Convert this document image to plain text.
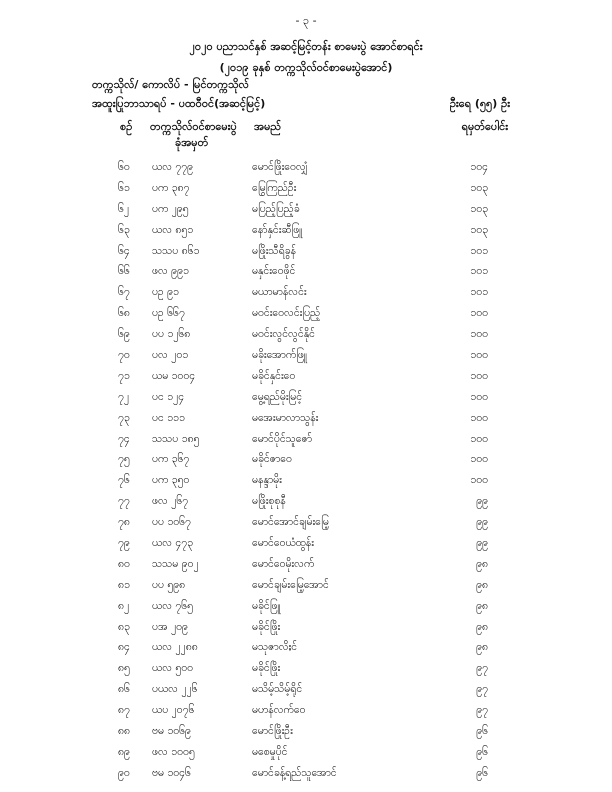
- ၃ -
၂၀၂၀ ပညာသင်နှစ် အဆင့်မြင့်တန်း စာမေးပွဲ အောင်စာရင်း
(၂၀၁၉ ခုနှစ် တက္ကသိုလ်ဝင်စာမေးပွဲအောင်)
တက္ကသိုလ်/ ကောလိပ် - မြင်တက္ကသိုလ်
အထူးပြုဘာသာရပ် - ပထဝီဝင်(အဆင့်မြင့်)	ဦးရေ (၅၅) ဦး
စဉ် တက္ကသိုလ်ဝင်စာမေးပွဲ
ခုံအမှတ်
အမည်	ရမှတ်ပေါင်း
၆၀ ယလ ၇၇၉	မောင်ဖြိုးဝေလျှံ	၁၀၄
၆၁ ပက ၃၈၇	မြွေကြည်ဦး	၁၀၃
၆၂ ပက ၂၉၅	မပြည့်ပြည့်ခံ	၁၀၃
၆၃ ယလ ၈၅၁	နော်နှင်းဆီဖြူ	၁၀၃
၆၄ သသပ ၈၆၁	မဖြိုးသီရိခွန်	၁၀၁
၆၆ ဖလ ၉၉၁	မနှင်းဝေဖိုင်	၁၀၁
၆၇ ပဥ ၉၁	မယာမာန်လင်း	၁၀၁
၆၈ ပဥ ၆၆၇	မဝင်းဝေလင်းပြည့်	၁၀၀
၆၉ ပပ ၁၂၆၈	မဝင်းလွင်လွင်နိုင်	၁၀၀
၇၀ ပလ ၂၀၁	မခိုးအောက်ဖြူ	၁၀၀
၇၁ ယမ ၁၀၀၄	မခိုင်နှင်းဝေ	၁၀၀
၇၂ ပင ၁၂၄	မွေ့ရည်မိုးမြင့်	၁၀၀
၇၃ ပင ၁၁၁	မအေးမာလာသွန်း	၁၀၀
၇၄ သသပ ၁၈၅	မောင်ပိုင်သူဇော်	၁၀၀
၇၅ ပက ၃၆၇	မခိုင်ဇာဝေ	၁၀၀
၇၆ ပက ၃၅၀	မနန္ဒာမိုး	၁၀၀
၇၇ ဖလ ၂၆၇	မဖြိုးစုစုနီ	၉၉
၇၈ ပပ ၁၀၆၇	မောင်အောင်ချမ်းမြေ့	၉၉
၇၉ ယလ ၄၇၃	မောင်ဝေယံထွန်း	၉၉
၈၀ သသမ ၉၀၂	မောင်ဝေမိုးလက်	၉၈
၈၁ ပပ ၅၉၈	မောင်ချမ်းမြေ့အောင်	၉၈
၈၂ ယလ ၇၆၅	မခိုင်ဖြူ	၉၈
၈၃ ပအ ၂၀၉	မခိုင်ဖြိုး	၉၈
၈၄ ယလ ၂၂၈၈	မသုဇာလိႈင်	၉၈
၈၅ ယလ ၅၀၀	မခိုင်ဖြိုး	၉၇
၈၆ ပယလ ၂၂၆	မသိမ့်သိမ့်ရိုင်	၉၇
၈၇ ယပ ၂၀၇၆	မဟန်လက်ဝေ	၉၇
၈၈ ဗမ ၁၀၆၉	မောင်ဖြိုးဦး	၉၆
၈၉ ဖလ ၁၀၀၅	မစေမှုပိုင်	၉၆
၉၀ ဗမ ၁၀၄၆	မောင်ခန့်ရည်သူအောင်	၉၆
